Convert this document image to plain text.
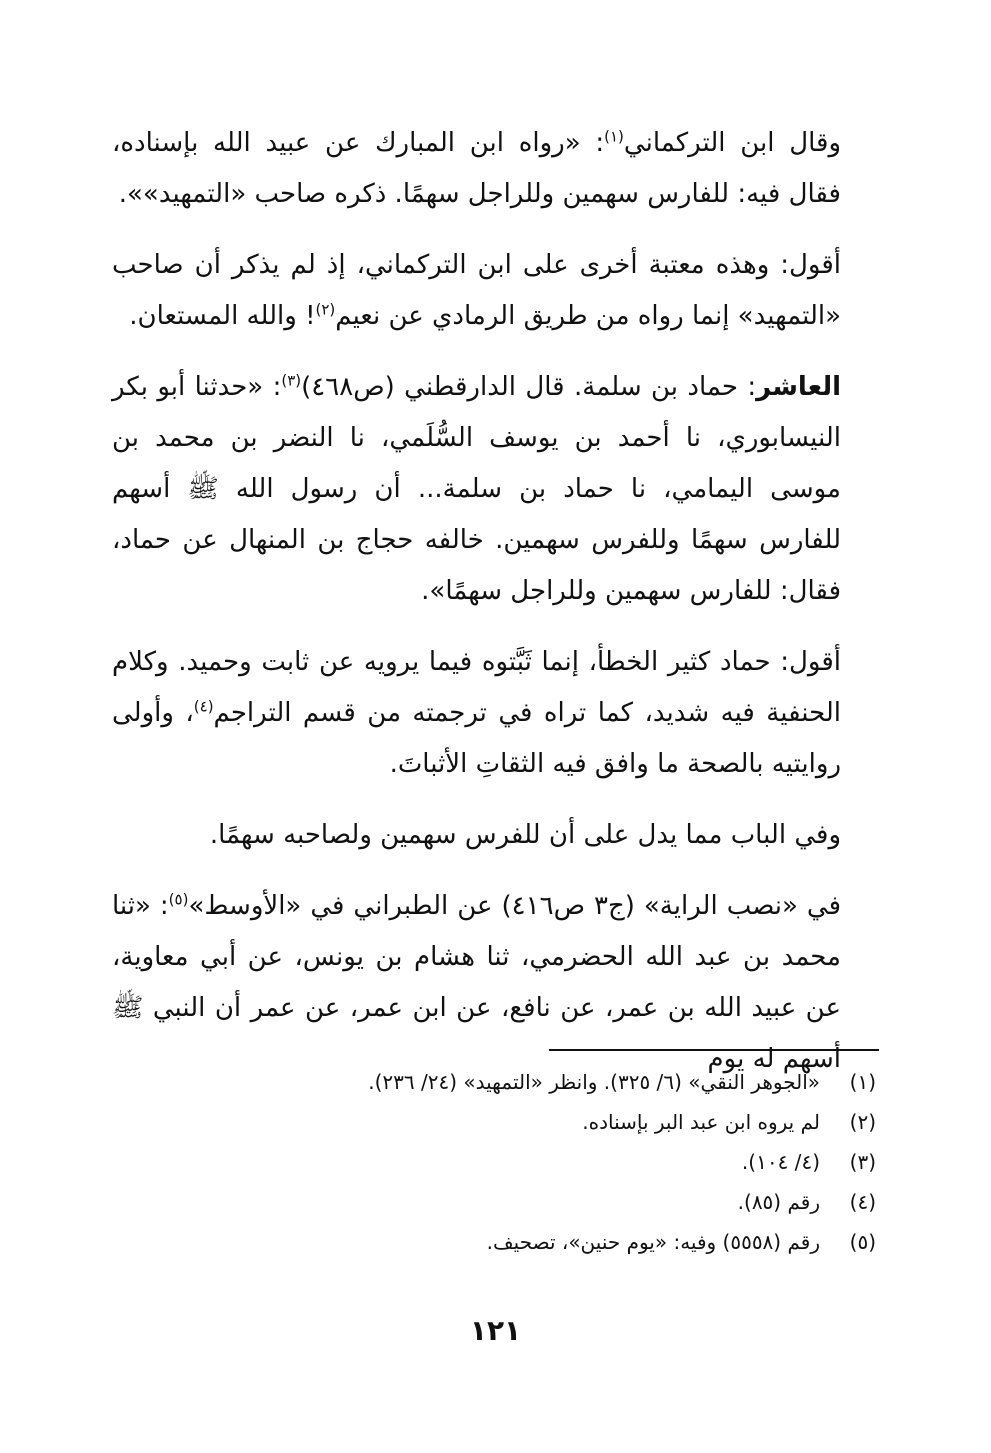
وقال ابن التركماني$^{(١)}$: «رواه ابن المبارك عن عبيد الله بإسناده، فقال فيه: للفارس سهمين وللراجل سهمًا. ذكره صاحب «التمهيد»».
أقول: وهذه معتبة أخرى على ابن التركماني، إذ لم يذكر أن صاحب «التمهيد» إنما رواه من طريق الرمادي عن نعيم$^{(٢)}$! والله المستعان.
العاشر: حماد بن سلمة. قال الدارقطني (ص٤٦٨)$^{(٣)}$: «حدثنا أبو بكر النيسابوري، نا أحمد بن يوسف السُّلَمي، نا النضر بن محمد بن موسى اليمامي، نا حماد بن سلمة... أن رسول الله ﷺ أسهم للفارس سهمًا وللفرس سهمين. خالفه حجاج بن المنهال عن حماد، فقال: للفارس سهمين وللراجل سهمًا».
أقول: حماد كثير الخطأ، إنما ثَبَّتوه فيما يرويه عن ثابت وحميد. وكلام الحنفية فيه شديد، كما تراه في ترجمته من قسم التراجم$^{(٤)}$، وأولى روايتيه بالصحة ما وافق فيه الثقاتِ الأثباتَ.
وفي الباب مما يدل على أن للفرس سهمين ولصاحبه سهمًا.
في «نصب الراية» (ج٣ ص٤١٦) عن الطبراني في «الأوسط»$^{(٥)}$: «ثنا محمد بن عبد الله الحضرمي، ثنا هشام بن يونس، عن أبي معاوية، عن عبيد الله بن عمر، عن نافع، عن ابن عمر، عن عمر أن النبي ﷺ أسهم له يوم
(١)
«الجوهر النقي» (٦/ ٣٢٥). وانظر «التمهيد» (٢٤/ ٢٣٦).
(٢)
لم يروه ابن عبد البر بإسناده.
(٣)
(٤/ ١٠٤).
(٤)
رقم (٨٥).
(٥)
رقم (٥٥٥٨) وفيه: «يوم حنين»، تصحيف.
١٢١
